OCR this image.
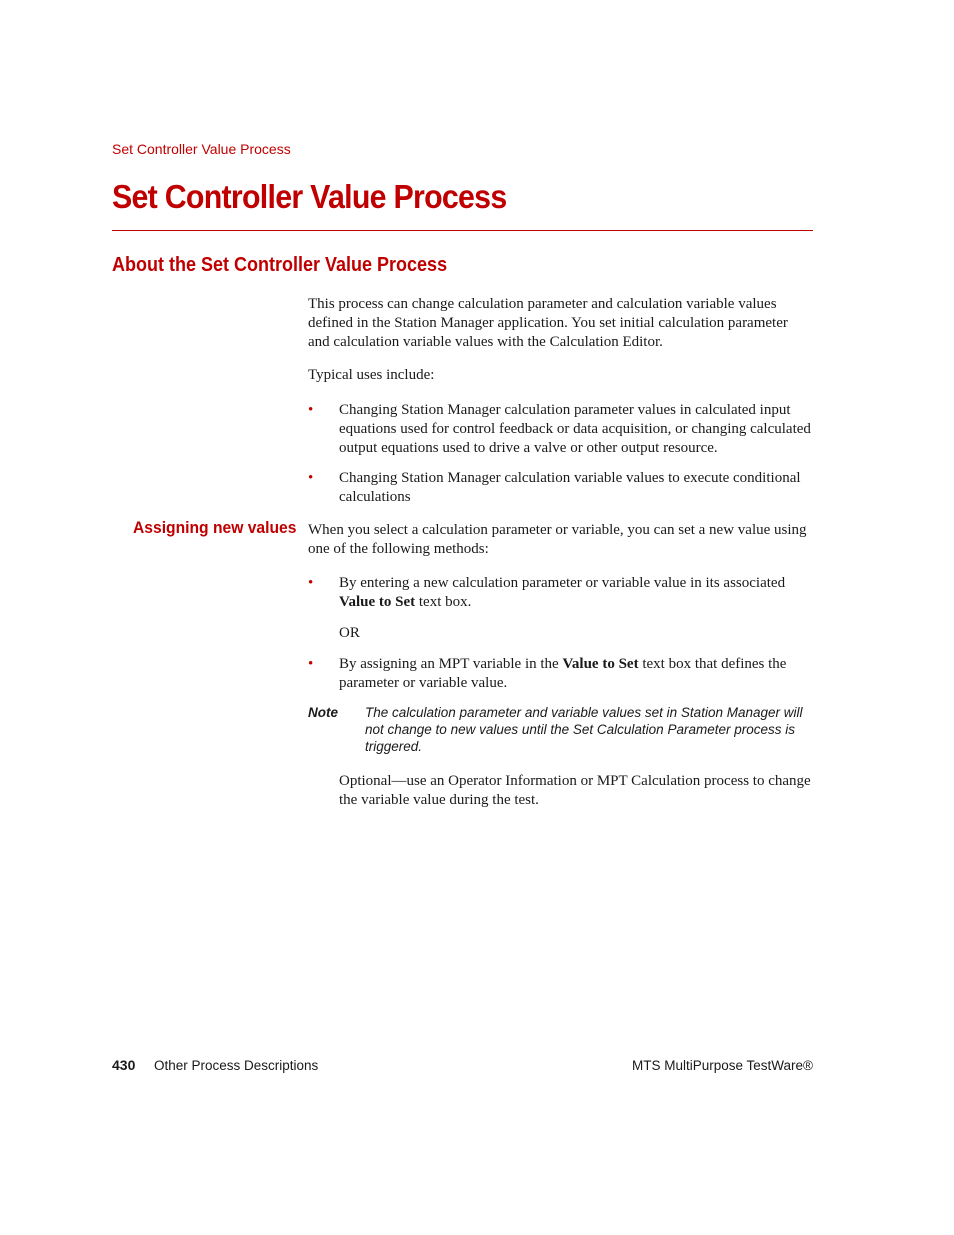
Set Controller Value Process

Set Controller Value Process
About the Set Controller Value Process

This process can change calculation parameter and calculation variable values defined in the Station Manager application. You set initial calculation parameter and calculation variable values with the Calculation Editor.

Typical uses include:

• Changing Station Manager calculation parameter values in calculated input equations used for control feedback or data acquisition, or changing calculated output equations used to drive a valve or other output resource.
• Changing Station Manager calculation variable values to execute conditional calculations
Assigning new values When you select a calculation parameter or variable, you can set a new value using one of the following methods:

• By entering a new calculation parameter or variable value in its associated Value to Set text box.

OR

• By assigning an MPT variable in the Value to Set text box that defines the parameter or variable value.
Note The calculation parameter and variable values set in Station Manager will not change to new values until the Set Calculation Parameter process is triggered.

Optional—use an Operator Information or MPT Calculation process to change the variable value during the test.

430 Other Process Descriptions	MTS MultiPurpose TestWare®
